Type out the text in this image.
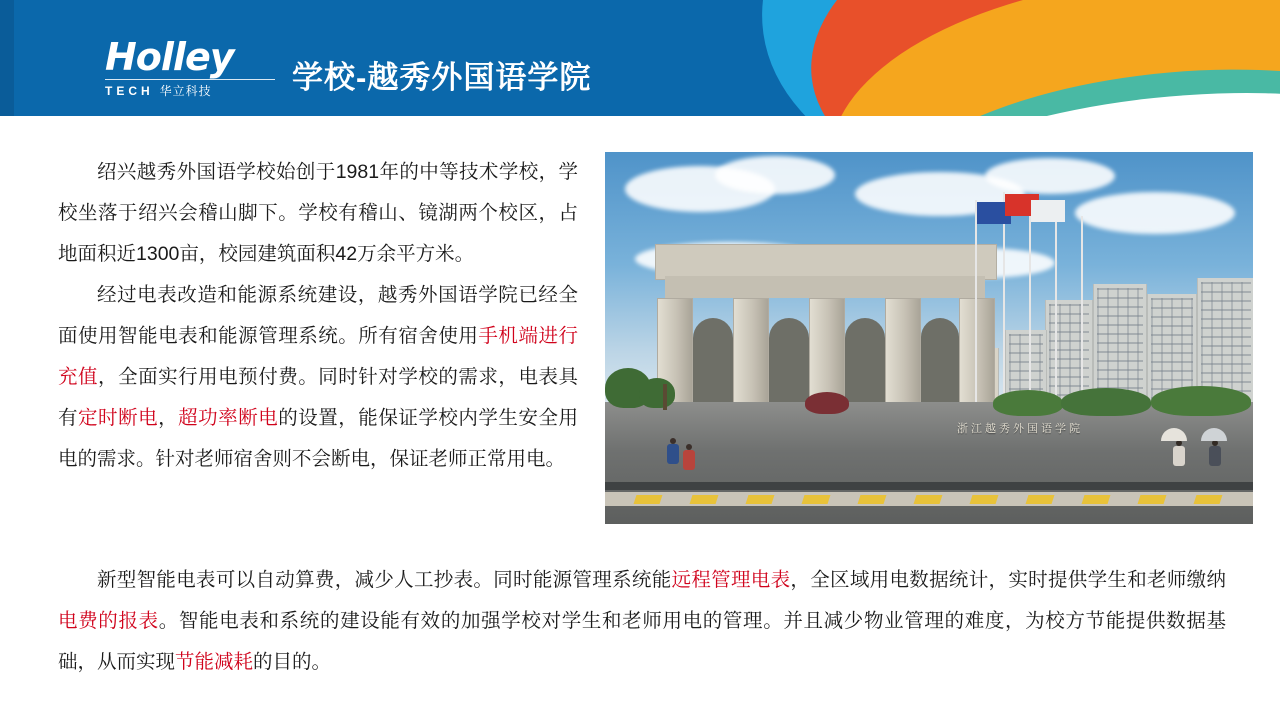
Holley
TECH 华立科技	学校-越秀外国语学院

绍兴越秀外国语学校始创于1981年的中等技术学校，学校坐落于绍兴会稽山脚下。学校有稽山、镜湖两个校区，占地面积近1300亩，校园建筑面积42万余平方米。

经过电表改造和能源系统建设，越秀外国语学院已经全面使用智能电表和能源管理系统。所有宿舍使用手机端进行充值，全面实行用电预付费。同时针对学校的需求，电表具有定时断电，超功率断电的设置，能保证学校内学生安全用电的需求。针对老师宿舍则不会断电，保证老师正常用电。

浙江越秀外国语学院

新型智能电表可以自动算费，减少人工抄表。同时能源管理系统能远程管理电表，全区域用电数据统计，实时提供学生和老师缴纳电费的报表。智能电表和系统的建设能有效的加强学校对学生和老师用电的管理。并且减少物业管理的难度，为校方节能提供数据基础，从而实现节能减耗的目的。
